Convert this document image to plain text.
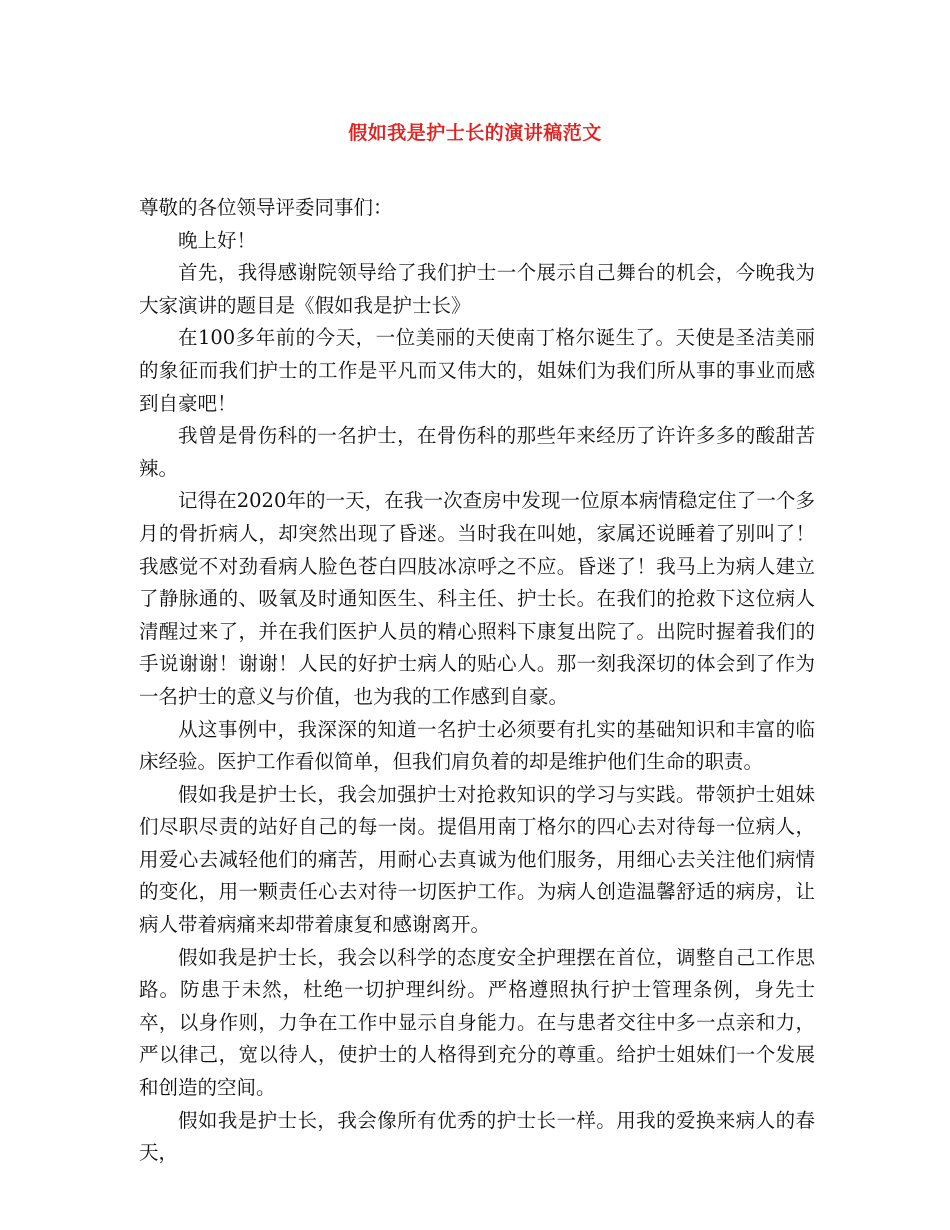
假如我是护士长的演讲稿范文

尊敬的各位领导评委同事们：

晚上好！

首先，我得感谢院领导给了我们护士一个展示自己舞台的机会，今晚我为大家演讲的题目是《假如我是护士长》

在100多年前的今天，一位美丽的天使南丁格尔诞生了。天使是圣洁美丽的象征而我们护士的工作是平凡而又伟大的，姐妹们为我们所从事的事业而感到自豪吧！

我曾是骨伤科的一名护士，在骨伤科的那些年来经历了许许多多的酸甜苦辣。

记得在2020年的一天，在我一次查房中发现一位原本病情稳定住了一个多月的骨折病人，却突然出现了昏迷。当时我在叫她，家属还说睡着了别叫了！我感觉不对劲看病人脸色苍白四肢冰凉呼之不应。昏迷了！我马上为病人建立了静脉通的、吸氧及时通知医生、科主任、护士长。在我们的抢救下这位病人清醒过来了，并在我们医护人员的精心照料下康复出院了。出院时握着我们的手说谢谢！谢谢！人民的好护士病人的贴心人。那一刻我深切的体会到了作为一名护士的意义与价值，也为我的工作感到自豪。

从这事例中，我深深的知道一名护士必须要有扎实的基础知识和丰富的临床经验。医护工作看似简单，但我们肩负着的却是维护他们生命的职责。

假如我是护士长，我会加强护士对抢救知识的学习与实践。带领护士姐妹们尽职尽责的站好自己的每一岗。提倡用南丁格尔的四心去对待每一位病人，用爱心去减轻他们的痛苦，用耐心去真诚为他们服务，用细心去关注他们病情的变化，用一颗责任心去对待一切医护工作。为病人创造温馨舒适的病房，让病人带着病痛来却带着康复和感谢离开。

假如我是护士长，我会以科学的态度安全护理摆在首位，调整自己工作思路。防患于未然，杜绝一切护理纠纷。严格遵照执行护士管理条例，身先士卒，以身作则，力争在工作中显示自身能力。在与患者交往中多一点亲和力，严以律己，宽以待人，使护士的人格得到充分的尊重。给护士姐妹们一个发展和创造的空间。

假如我是护士长，我会像所有优秀的护士长一样。用我的爱换来病人的春天，
